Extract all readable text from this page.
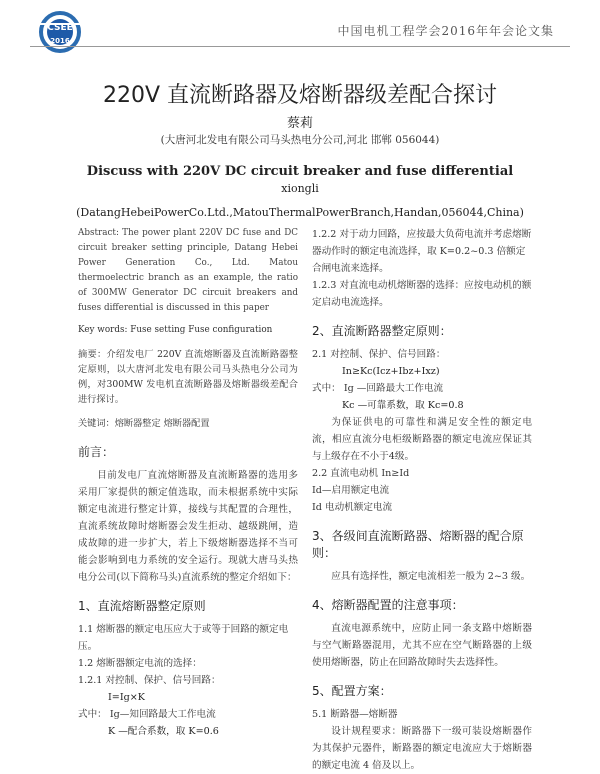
CSEE
2016
中国电机工程学会2016年年会论文集
220V 直流断路器及熔断器级差配合探讨
蔡莉
(大唐河北发电有限公司马头热电分公司,河北 邯郸 056044)
Discuss with 220V DC circuit breaker and fuse differential
xiongli
(DatangHebeiPowerCo.Ltd.,MatouThermalPowerBranch,Handan,056044,China)

Abstract: The power plant 220V DC fuse and DC circuit breaker setting principle, Datang Hebei Power Generation Co., Ltd. Matou thermoelectric branch as an example, the ratio of 300MW Generator DC circuit breakers and fuses differential is discussed in this paper

Key words: Fuse setting Fuse configuration

摘要：介绍发电厂 220V 直流熔断器及直流断路器整定原则，以大唐河北发电有限公司马头热电分公司为例，对300MW 发电机直流断路器及熔断器级差配合进行探讨。

关键词：熔断器整定 熔断器配置

前言：

目前发电厂直流熔断器及直流断路器的选用多采用厂家提供的额定值选取，而未根据系统中实际额定电流进行整定计算，接线与其配置的合理性，直流系统故障时熔断器会发生拒动、越级跳闸，造成故障的进一步扩大，若上下级熔断器选择不当可能会影响到电力系统的安全运行。现就大唐马头热电分公司(以下简称马头)直流系统的整定介绍如下：

1、直流熔断器整定原则

1.1 熔断器的额定电压应大于或等于回路的额定电压。

1.2 熔断器额定电流的选择：

1.2.1 对控制、保护、信号回路：

I=Ig×K

式中： Ig—知回路最大工作电流

K —配合系数，取 K=0.6

1.2.2 对于动力回路，应按最大负荷电流并考虑熔断器动作时的额定电流选择，取 K=0.2~0.3 倍额定合闸电流来选择。

1.2.3 对直流电动机熔断器的选择：应按电动机的额定启动电流选择。

2、直流断路器整定原则：

2.1 对控制、保护、信号回路：

In≥Kc(Icz+Ibz+Ixz)

式中： Ig —回路最大工作电流

Kc —可靠系数，取 Kc=0.8

为保证供电的可靠性和满足安全性的额定电流，相应直流分电柜级断路器的额定电流应保证其与上级存在不小于4级。

2.2 直流电动机 In≥Id

Id—启用额定电流

Id 电动机额定电流

3、各级间直流断路器、熔断器的配合原则：

应具有选择性，额定电流相差一般为 2~3 级。

4、熔断器配置的注意事项：

直流电源系统中，应防止同一条支路中熔断器与空气断路器混用，尤其不应在空气断路器的上级使用熔断器，防止在回路故障时失去选择性。

5、配置方案：

5.1 断路器—熔断器

设计规程要求：断路器下一级可装设熔断器作为其保护元器件，断路器的额定电流应大于熔断器的额定电流 4 倍及以上。
